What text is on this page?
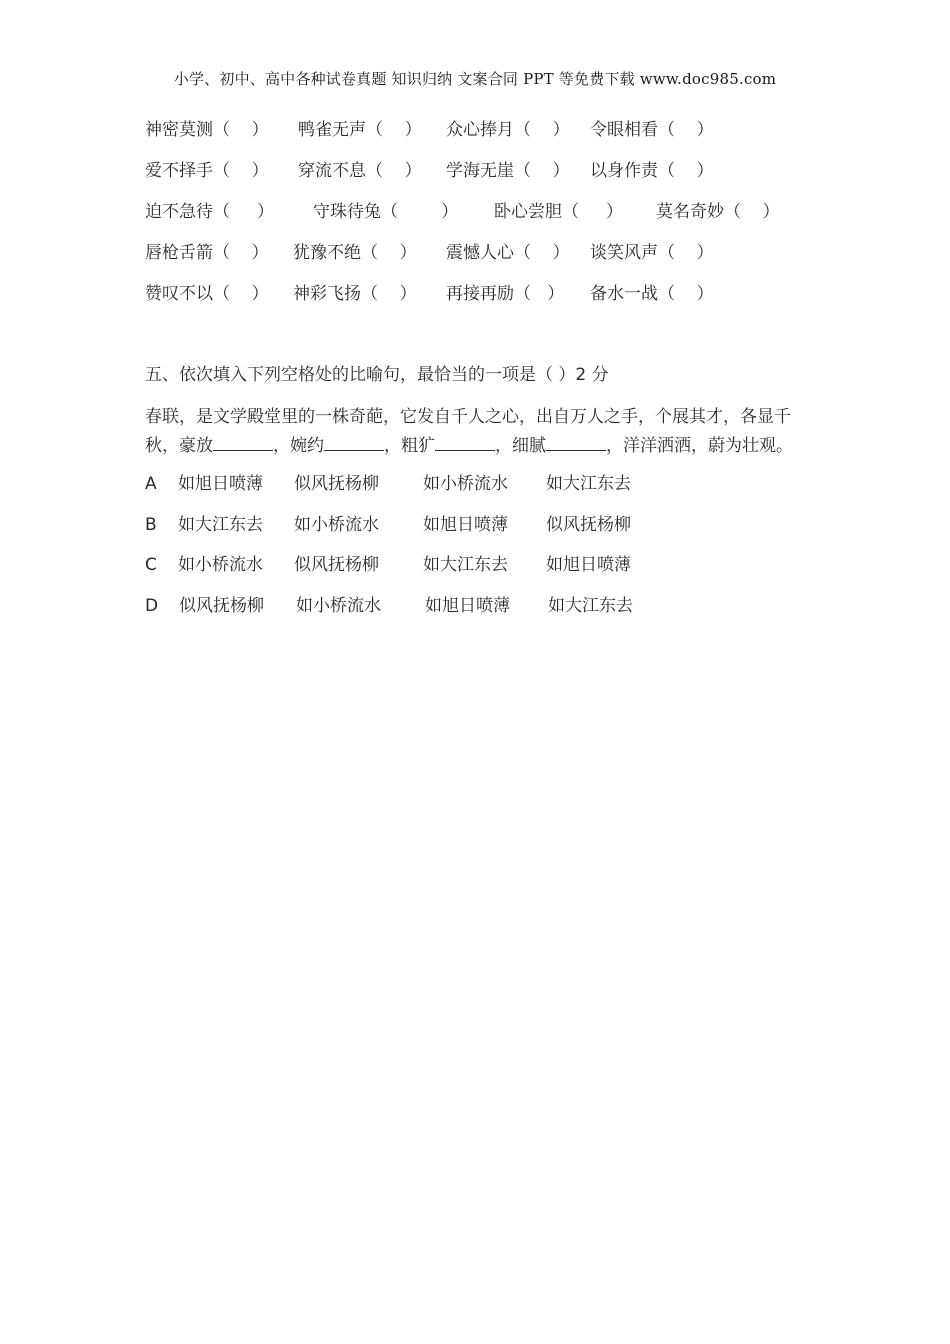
小学、初中、高中各种试卷真题 知识归纳 文案合同 PPT 等免费下载 www.doc985.com
神密莫测（    ）	鸭雀无声（    ）	众心捧月（    ）	令眼相看（    ）
爱不择手（    ）	穿流不息（    ）	学海无崖（    ）	以身作责（    ）
迫不急待（     ）	守珠待兔（        ）	卧心尝胆（     ）	莫名奇妙（    ）
唇枪舌箭（    ）	犹豫不绝（    ）	震憾人心（    ）	谈笑风声（    ）
赞叹不以（    ）	神彩飞扬（    ）	再接再励（   ）	备水一战（    ）
五、依次填入下列空格处的比喻句，最恰当的一项是（ ）2 分
春联，是文学殿堂里的一株奇葩，它发自千人之心，出自万人之手，个展其才，各显千秋，豪放	，婉约	，粗犷	，细腻	，洋洋洒洒，蔚为壮观。
A	如旭日喷薄	似风抚杨柳	如小桥流水	如大江东去
B	如大江东去	如小桥流水	如旭日喷薄	似风抚杨柳
C	如小桥流水	似风抚杨柳	如大江东去	如旭日喷薄
D	似风抚杨柳	如小桥流水	如旭日喷薄	如大江东去
